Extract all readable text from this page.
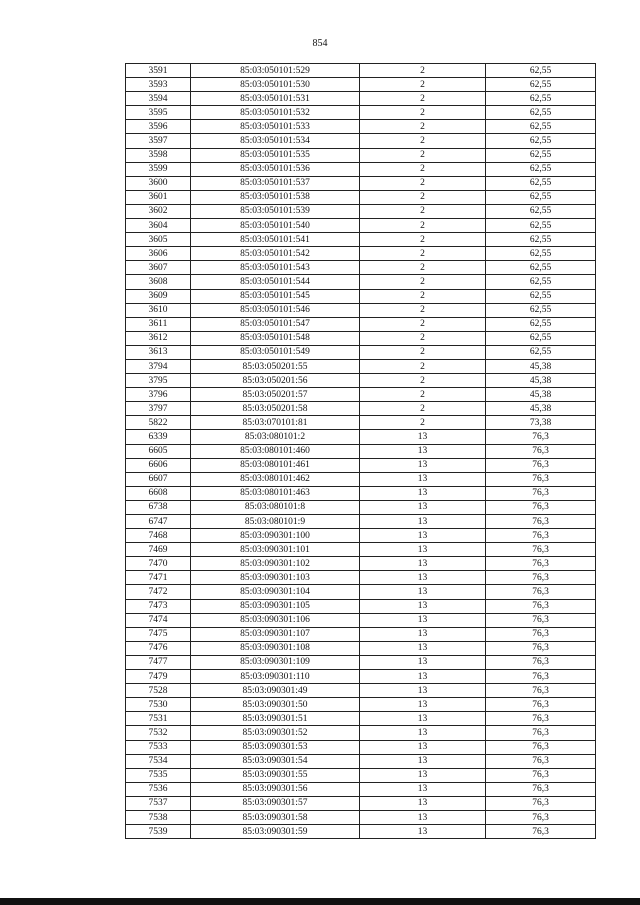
854
3591	85:03:050101:529	2	62,55
3593	85:03:050101:530	2	62,55
3594	85:03:050101:531	2	62,55
3595	85:03:050101:532	2	62,55
3596	85:03:050101:533	2	62,55
3597	85:03:050101:534	2	62,55
3598	85:03:050101:535	2	62,55
3599	85:03:050101:536	2	62,55
3600	85:03:050101:537	2	62,55
3601	85:03:050101:538	2	62,55
3602	85:03:050101:539	2	62,55
3604	85:03:050101:540	2	62,55
3605	85:03:050101:541	2	62,55
3606	85:03:050101:542	2	62,55
3607	85:03:050101:543	2	62,55
3608	85:03:050101:544	2	62,55
3609	85:03:050101:545	2	62,55
3610	85:03:050101:546	2	62,55
3611	85:03:050101:547	2	62,55
3612	85:03:050101:548	2	62,55
3613	85:03:050101:549	2	62,55
3794	85:03:050201:55	2	45,38
3795	85:03:050201:56	2	45,38
3796	85:03:050201:57	2	45,38
3797	85:03:050201:58	2	45,38
5822	85:03:070101:81	2	73,38
6339	85:03:080101:2	13	76,3
6605	85:03:080101:460	13	76,3
6606	85:03:080101:461	13	76,3
6607	85:03:080101:462	13	76,3
6608	85:03:080101:463	13	76,3
6738	85:03:080101:8	13	76,3
6747	85:03:080101:9	13	76,3
7468	85:03:090301:100	13	76,3
7469	85:03:090301:101	13	76,3
7470	85:03:090301:102	13	76,3
7471	85:03:090301:103	13	76,3
7472	85:03:090301:104	13	76,3
7473	85:03:090301:105	13	76,3
7474	85:03:090301:106	13	76,3
7475	85:03:090301:107	13	76,3
7476	85:03:090301:108	13	76,3
7477	85:03:090301:109	13	76,3
7479	85:03:090301:110	13	76,3
7528	85:03:090301:49	13	76,3
7530	85:03:090301:50	13	76,3
7531	85:03:090301:51	13	76,3
7532	85:03:090301:52	13	76,3
7533	85:03:090301:53	13	76,3
7534	85:03:090301:54	13	76,3
7535	85:03:090301:55	13	76,3
7536	85:03:090301:56	13	76,3
7537	85:03:090301:57	13	76,3
7538	85:03:090301:58	13	76,3
7539	85:03:090301:59	13	76,3
